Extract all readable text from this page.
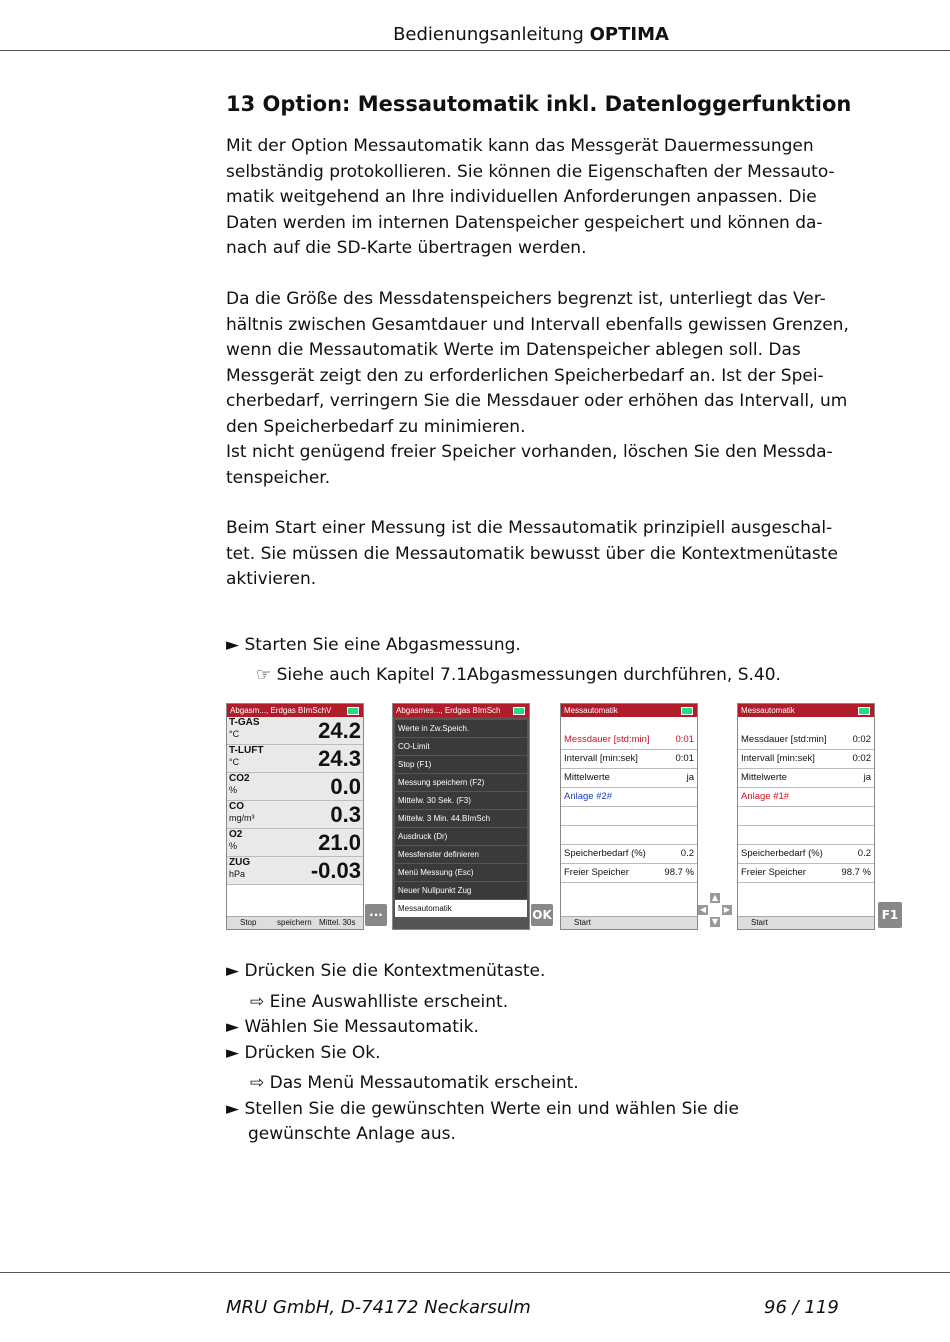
Bedienungsanleitung OPTIMA
13 Option: Messautomatik inkl. Datenloggerfunktion
Mit der Option Messautomatik kann das Messgerät Dauermessungen
selbständig protokollieren. Sie können die Eigenschaften der Messauto-
matik weitgehend an Ihre individuellen Anforderungen anpassen. Die
Daten werden im internen Datenspeicher gespeichert und können da-
nach auf die SD-Karte übertragen werden.
Da die Größe des Messdatenspeichers begrenzt ist, unterliegt das Ver-
hältnis zwischen Gesamtdauer und Intervall ebenfalls gewissen Grenzen,
wenn die Messautomatik Werte im Datenspeicher ablegen soll. Das
Messgerät zeigt den zu erforderlichen Speicherbedarf an. Ist der Spei-
cherbedarf, verringern Sie die Messdauer oder erhöhen das Intervall, um
den Speicherbedarf zu minimieren.
Ist nicht genügend freier Speicher vorhanden, löschen Sie den Messda-
tenspeicher.
Beim Start einer Messung ist die Messautomatik prinzipiell ausgeschal-
tet. Sie müssen die Messautomatik bewusst über die Kontextmenütaste
aktivieren.
► Starten Sie eine Abgasmessung.
☞ Siehe auch Kapitel 7.1Abgasmessungen durchführen, S.40.
Abgasm..., Erdgas BImSchV
T-GAS
°C	24.2
T-LUFT
°C	24.3
CO2
%	0.0
CO
mg/m³	0.3
O2
%	21.0
ZUG
hPa	-0.03
Stop	speichern Mittel. 30s
···
Abgasmes..., Erdgas BImSch
Werte in Zw.Speich.
CO-Limit
Stop (F1)
Messung speichern (F2)
Mittelw. 30 Sek. (F3)
Mittelw. 3 Min. 44.BImSch
Ausdruck (Dr)
Messfenster definieren
Menü Messung (Esc)
Neuer Nullpunkt Zug
Messautomatik	OK
Messautomatik
Messdauer [std:min]	0:01
Intervall [min:sek]	0:01
Mittelwerte	ja
Anlage #2#
Speicherbedarf (%)	0.2
Freier Speicher	98.7 %
Start
▲
◀ ▶
▼
Messautomatik
Messdauer [std:min]	0:02
Intervall [min:sek]	0:02
Mittelwerte	ja
Anlage #1#
Speicherbedarf (%)	0.2
Freier Speicher	98.7 %
Start
F1
► Drücken Sie die Kontextmenütaste.
⇨ Eine Auswahlliste erscheint.
► Wählen Sie Messautomatik.
► Drücken Sie Ok.
⇨ Das Menü Messautomatik erscheint.
► Stellen Sie die gewünschten Werte ein und wählen Sie die
gewünschte Anlage aus.
MRU GmbH, D-74172 Neckarsulm	96 / 119
